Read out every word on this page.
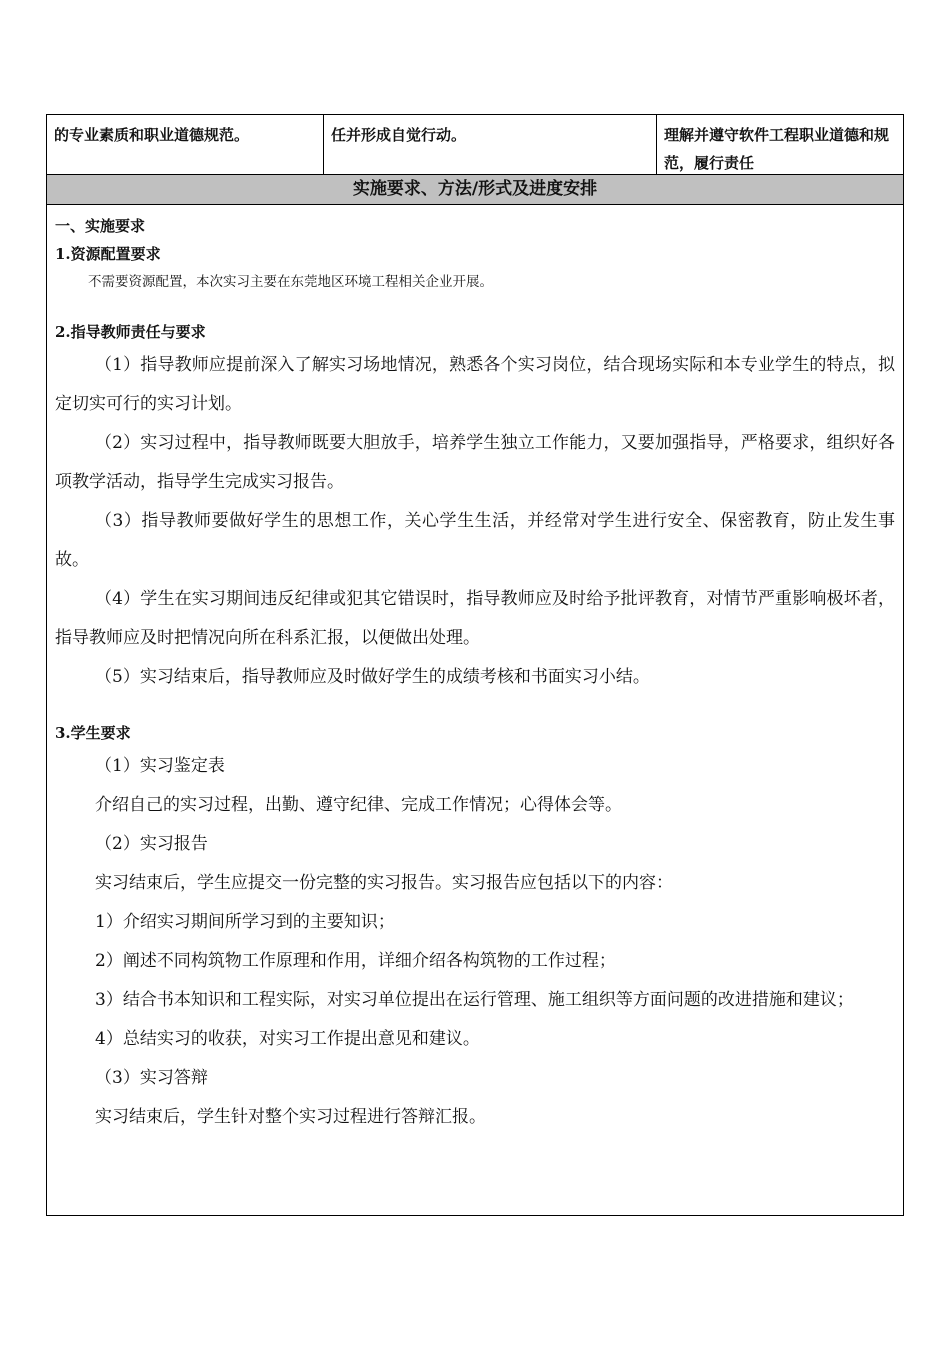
的专业素质和职业道德规范。	任并形成自觉行动。	理解并遵守软件工程职业道德和规范，履行责任
实施要求、方法/形式及进度安排
一、实施要求
1.资源配置要求
不需要资源配置，本次实习主要在东莞地区环境工程相关企业开展。
2.指导教师责任与要求
（1）指导教师应提前深入了解实习场地情况，熟悉各个实习岗位，结合现场实际和本专业学生的特点，拟定切实可行的实习计划。
（2）实习过程中，指导教师既要大胆放手，培养学生独立工作能力，又要加强指导，严格要求，组织好各项教学活动，指导学生完成实习报告。
（3）指导教师要做好学生的思想工作，关心学生生活，并经常对学生进行安全、保密教育，防止发生事故。
（4）学生在实习期间违反纪律或犯其它错误时，指导教师应及时给予批评教育，对情节严重影响极坏者，指导教师应及时把情况向所在科系汇报，以便做出处理。
（5）实习结束后，指导教师应及时做好学生的成绩考核和书面实习小结。
3.学生要求
（1）实习鉴定表
介绍自己的实习过程，出勤、遵守纪律、完成工作情况；心得体会等。
（2）实习报告
实习结束后，学生应提交一份完整的实习报告。实习报告应包括以下的内容：
1）介绍实习期间所学习到的主要知识；
2）阐述不同构筑物工作原理和作用，详细介绍各构筑物的工作过程；
3）结合书本知识和工程实际，对实习单位提出在运行管理、施工组织等方面问题的改进措施和建议；
4）总结实习的收获，对实习工作提出意见和建议。
（3）实习答辩
实习结束后，学生针对整个实习过程进行答辩汇报。
